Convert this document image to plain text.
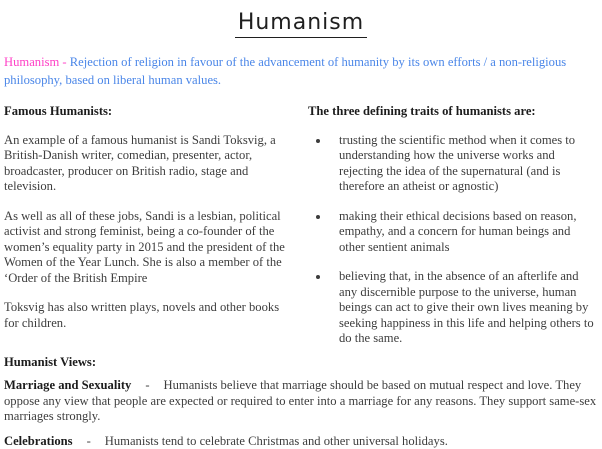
Humanism

Humanism - Rejection of religion in favour of the advancement of humanity by its own efforts / a non-religious philosophy, based on liberal human values.

Famous Humanists:

An example of a famous humanist is Sandi Toksvig, a British-Danish writer, comedian, presenter, actor, broadcaster, producer on British radio, stage and television.

As well as all of these jobs, Sandi is a lesbian, political activist and strong feminist, being a co-founder of the women’s equality party in 2015 and the president of the Women of the Year Lunch. She is also a member of the ‘Order of the British Empire

Toksvig has also written plays, novels and other books for children.

Humanist Views:

The three defining traits of humanists are:

• trusting the scientific method when it comes to understanding how the universe works and rejecting the idea of the supernatural (and is therefore an atheist or agnostic)
• making their ethical decisions based on reason, empathy, and a concern for human beings and other sentient animals
• believing that, in the absence of an afterlife and any discernible purpose to the universe, human beings can act to give their own lives meaning by seeking happiness in this life and helping others to do the same.

Marriage and Sexuality - Humanists believe that marriage should be based on mutual respect and love. They oppose any view that people are expected or required to enter into a marriage for any reasons. They support same-sex marriages strongly.

Celebrations - Humanists tend to celebrate Christmas and other universal holidays.
